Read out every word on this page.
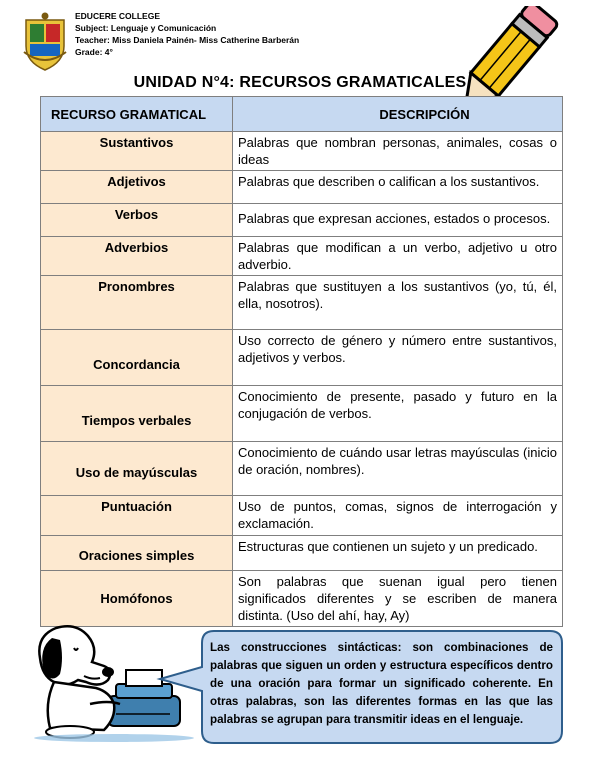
EDUCERE COLLEGE
Subject: Lenguaje y Comunicación
Teacher: Miss Daniela Painén- Miss Catherine Barberán
Grade: 4°
UNIDAD N°4: RECURSOS GRAMATICALES
RECURSO GRAMATICAL	DESCRIPCIÓN
Sustantivos	Palabras que nombran personas, animales, cosas o ideas
Adjetivos	Palabras que describen o califican a los sustantivos.
Verbos	Palabras que expresan acciones, estados o procesos.
Adverbios	Palabras que modifican a un verbo, adjetivo u otro adverbio.
Pronombres	Palabras que sustituyen a los sustantivos (yo, tú, él, ella, nosotros).
Concordancia	Uso correcto de género y número entre sustantivos, adjetivos y verbos.
Tiempos verbales	Conocimiento de presente, pasado y futuro en la conjugación de verbos.
Uso de mayúsculas	Conocimiento de cuándo usar letras mayúsculas (inicio de oración, nombres).
Puntuación	Uso de puntos, comas, signos de interrogación y exclamación.
Oraciones simples	Estructuras que contienen un sujeto y un predicado.
Homófonos	Son palabras que suenan igual pero tienen significados diferentes y se escriben de manera distinta. (Uso del ahí, hay, Ay)
Las construcciones sintácticas: son combinaciones de palabras que siguen un orden y estructura específicos dentro de una oración para formar un significado coherente. En otras palabras, son las diferentes formas en las que las palabras se agrupan para transmitir ideas en el lenguaje.
